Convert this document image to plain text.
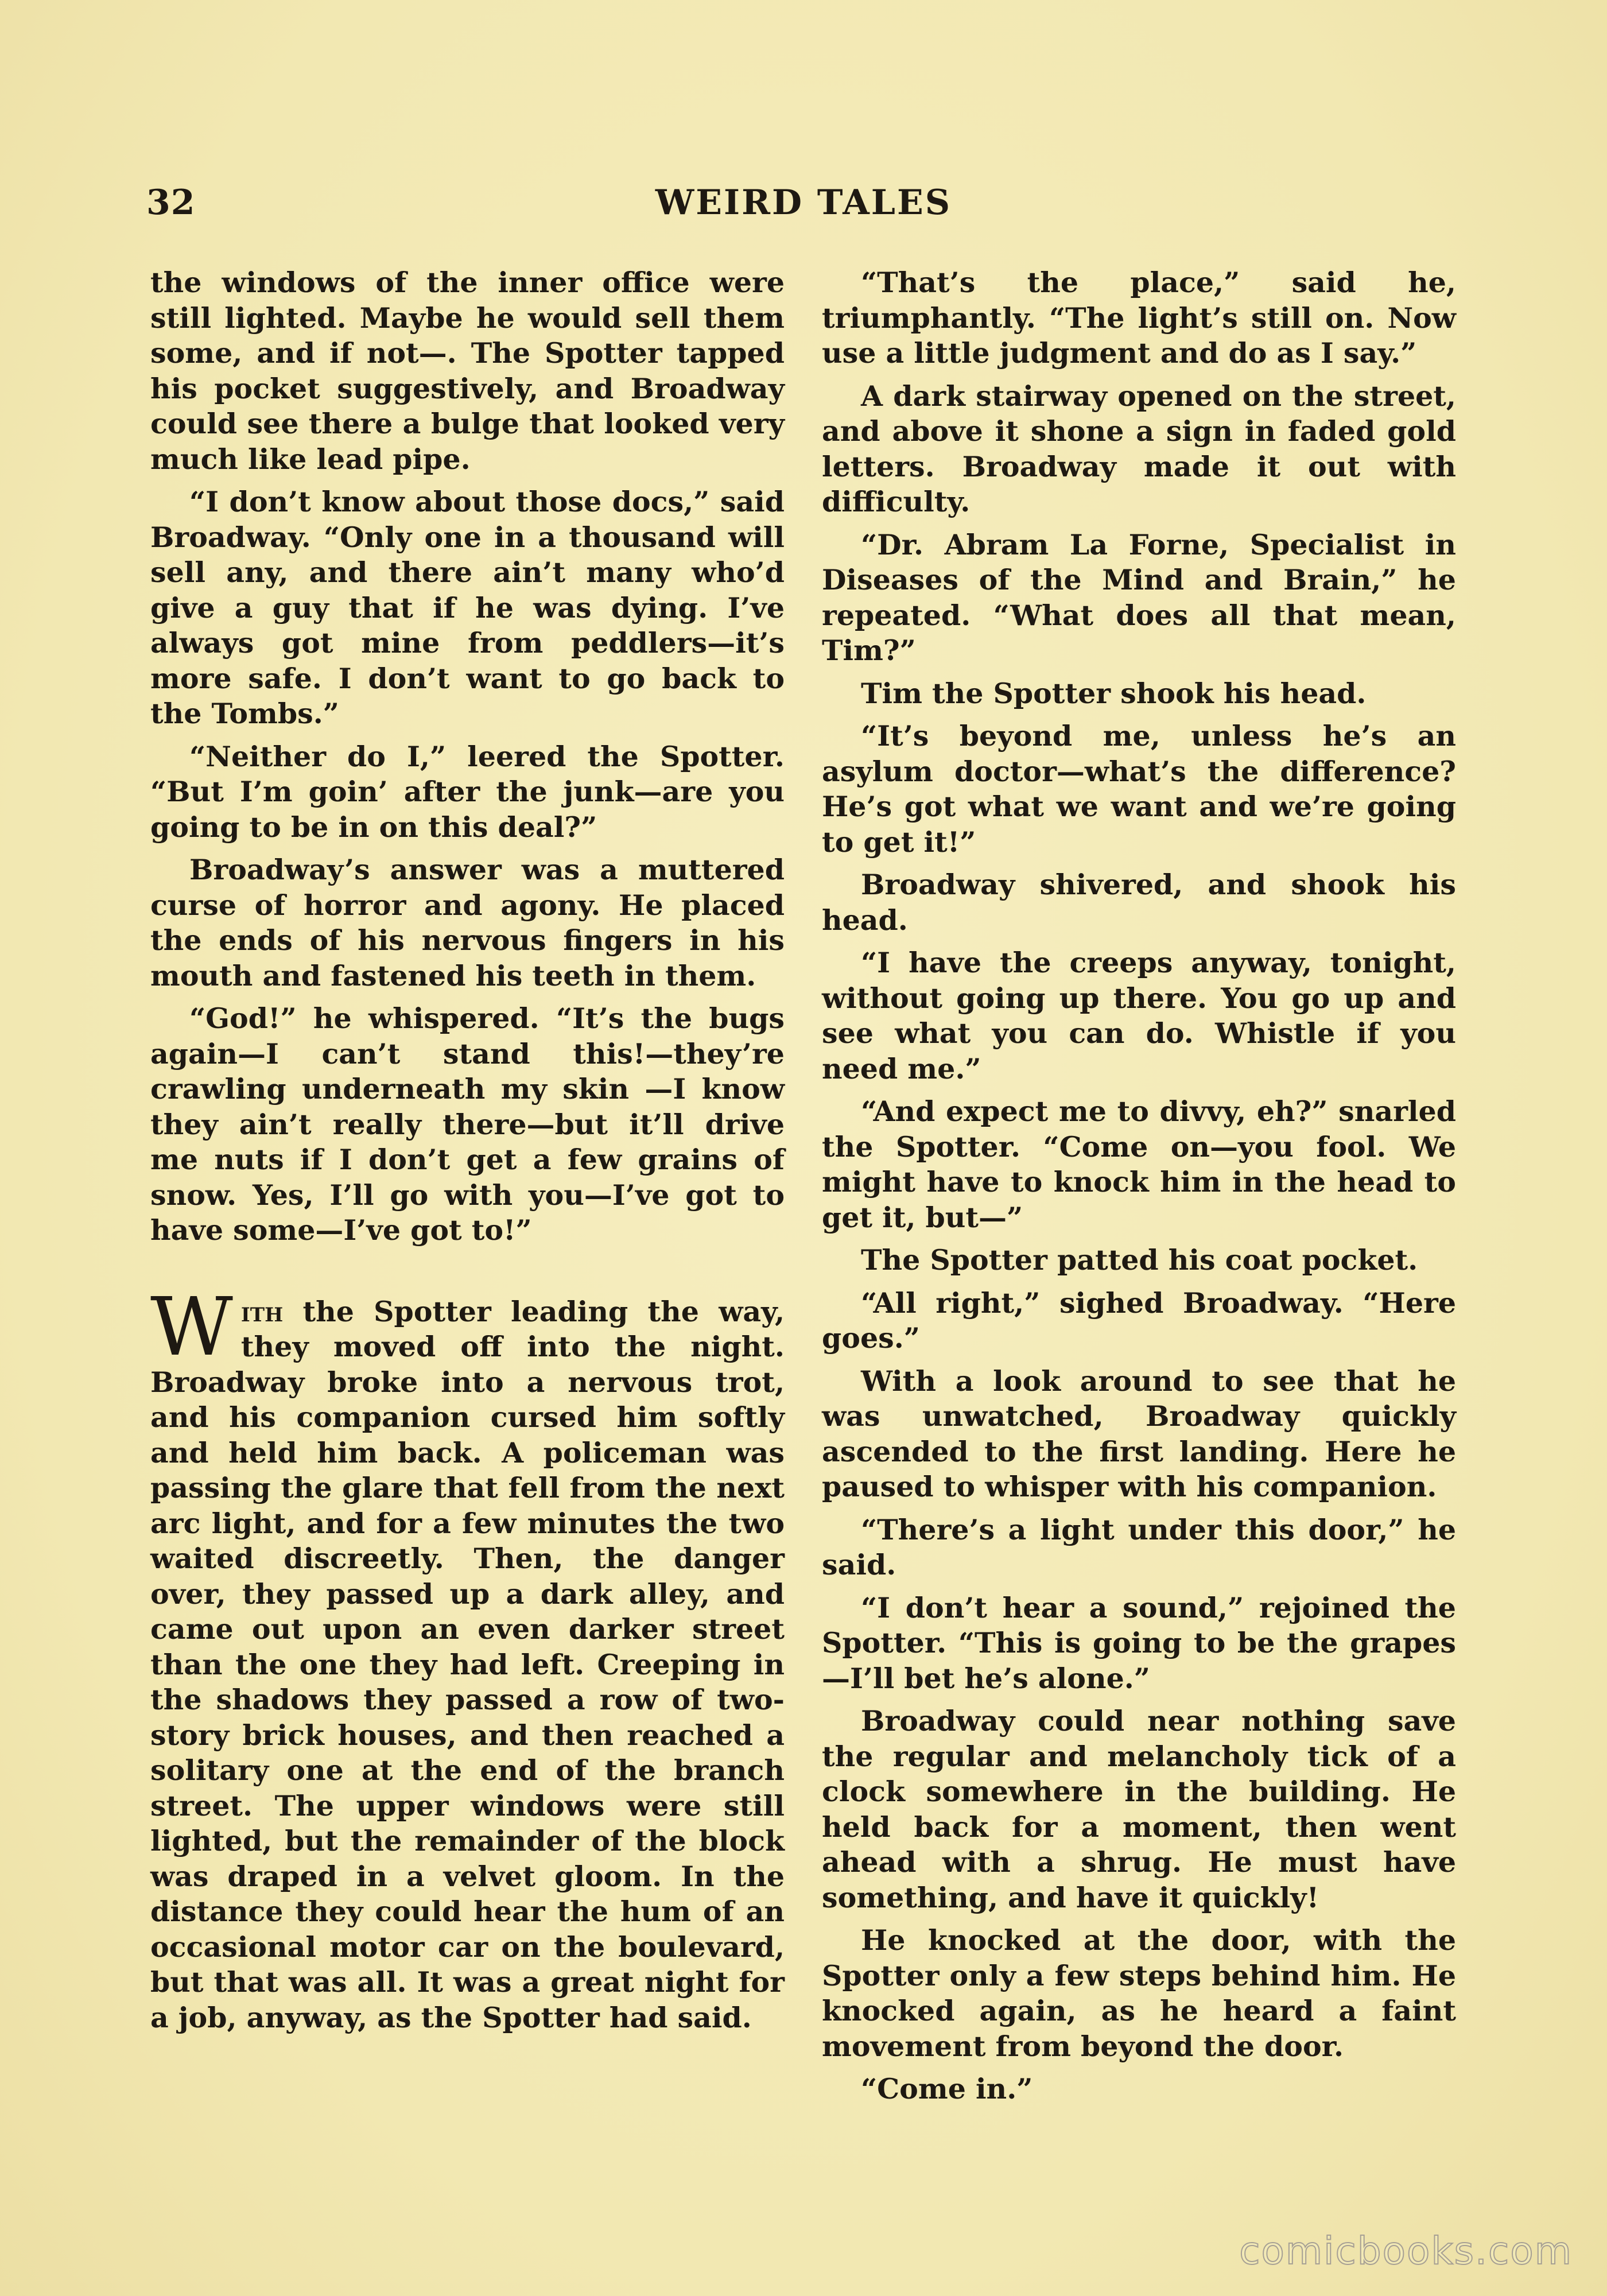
32	WEIRD TALES

the windows of the inner office were still lighted. Maybe he would sell them some, and if not—. The Spotter tapped his pocket suggestively, and Broadway could see there a bulge that looked very much like lead pipe.

“I don’t know about those docs,” said Broadway. “Only one in a thousand will sell any, and there ain’t many who’d give a guy that if he was dying. I’ve always got mine from peddlers—it’s more safe. I don’t want to go back to the Tombs.”

“Neither do I,” leered the Spotter. “But I’m goin’ after the junk—are you going to be in on this deal?”

Broadway’s answer was a muttered curse of horror and agony. He placed the ends of his nervous fingers in his mouth and fastened his teeth in them.

“God!” he whispered. “It’s the bugs again—I can’t stand this!—they’re crawling underneath my skin —I know they ain’t really there—but it’ll drive me nuts if I don’t get a few grains of snow. Yes, I’ll go with you—I’ve got to have some—I’ve got to!”

With the Spotter leading the way, they moved off into the night. Broadway broke into a nervous trot, and his companion cursed him softly and held him back. A policeman was passing the glare that fell from the next arc light, and for a few minutes the two waited discreetly. Then, the danger over, they passed up a dark alley, and came out upon an even darker street than the one they had left. Creeping in the shadows they passed a row of two-story brick houses, and then reached a solitary one at the end of the branch street. The upper windows were still lighted, but the remainder of the block was draped in a velvet gloom. In the distance they could hear the hum of an occasional motor car on the boulevard, but that was all. It was a great night for a job, anyway, as the Spotter had said.

“That’s the place,” said he, triumphantly. “The light’s still on. Now use a little judgment and do as I say.”

A dark stairway opened on the street, and above it shone a sign in faded gold letters. Broadway made it out with difficulty.

“Dr. Abram La Forne, Specialist in Diseases of the Mind and Brain,” he repeated. “What does all that mean, Tim?”

Tim the Spotter shook his head.

“It’s beyond me, unless he’s an asylum doctor—what’s the difference? He’s got what we want and we’re going to get it!”

Broadway shivered, and shook his head.

“I have the creeps anyway, tonight, without going up there. You go up and see what you can do. Whistle if you need me.”

“And expect me to divvy, eh?” snarled the Spotter. “Come on—you fool. We might have to knock him in the head to get it, but—”

The Spotter patted his coat pocket.

“All right,” sighed Broadway. “Here goes.”

With a look around to see that he was unwatched, Broadway quickly ascended to the first landing. Here he paused to whisper with his companion.

“There’s a light under this door,” he said.

“I don’t hear a sound,” rejoined the Spotter. “This is going to be the grapes—I’ll bet he’s alone.”

Broadway could near nothing save the regular and melancholy tick of a clock somewhere in the building. He held back for a moment, then went ahead with a shrug. He must have something, and have it quickly!

He knocked at the door, with the Spotter only a few steps behind him. He knocked again, as he heard a faint movement from beyond the door.

“Come in.”

comicbooks.com
